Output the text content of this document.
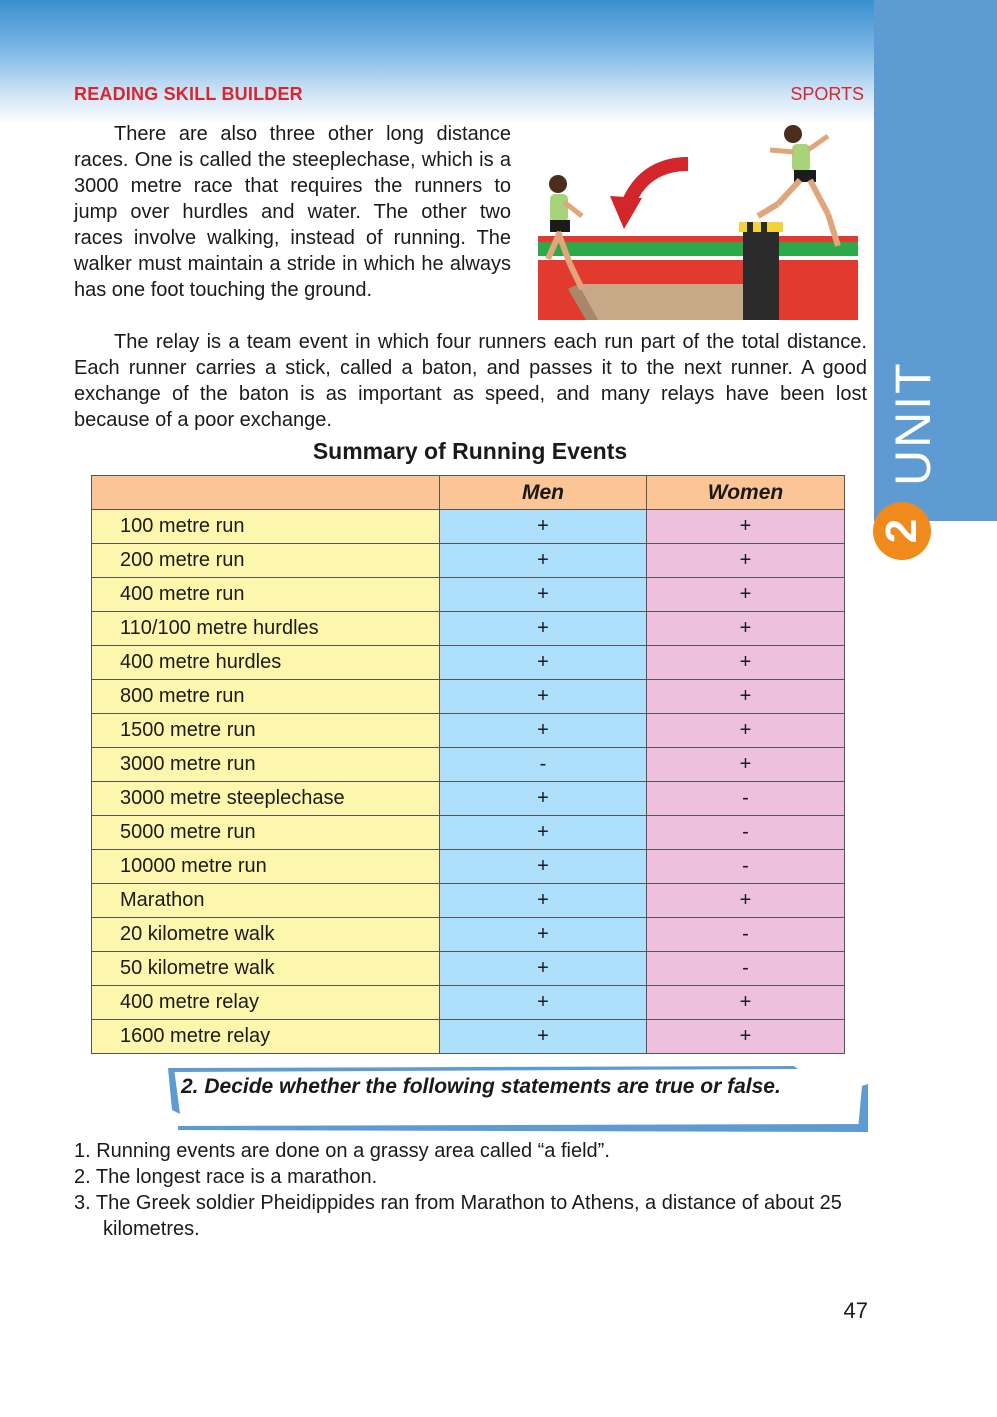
UNIT
2
READING SKILL BUILDER	SPORTS

There are also three other long distance races. One is called the steeplechase, which is a 3000 metre race that requires the runners to jump over hurdles and water. The other two races involve walking, instead of running. The walker must maintain a stride in which he always has one foot touching the ground.

The relay is a team event in which four runners each run part of the total distance. Each runner carries a stick, called a baton, and passes it to the next runner. A good exchange of the baton is as important as speed, and many relays have been lost because of a poor exchange.

Summary of Running Events
	Men	Women
100 metre run	+	+
200 metre run	+	+
400 metre run	+	+
110/100 metre hurdles	+	+
400 metre hurdles	+	+
800 metre run	+	+
1500 metre run	+	+
3000 metre run	-	+
3000 metre steeplechase	+	-
5000 metre run	+	-
10000 metre run	+	-
Marathon	+	+
20 kilometre walk	+	-
50 kilometre walk	+	-
400 metre relay	+	+
1600 metre relay	+	+
2. Decide whether the following statements are true or false.
1. Running events are done on a grassy area called “a field”.
2. The longest race is a marathon.
3. The Greek soldier Pheidippides ran from Marathon to Athens, a distance of about 25 kilometres.
47
